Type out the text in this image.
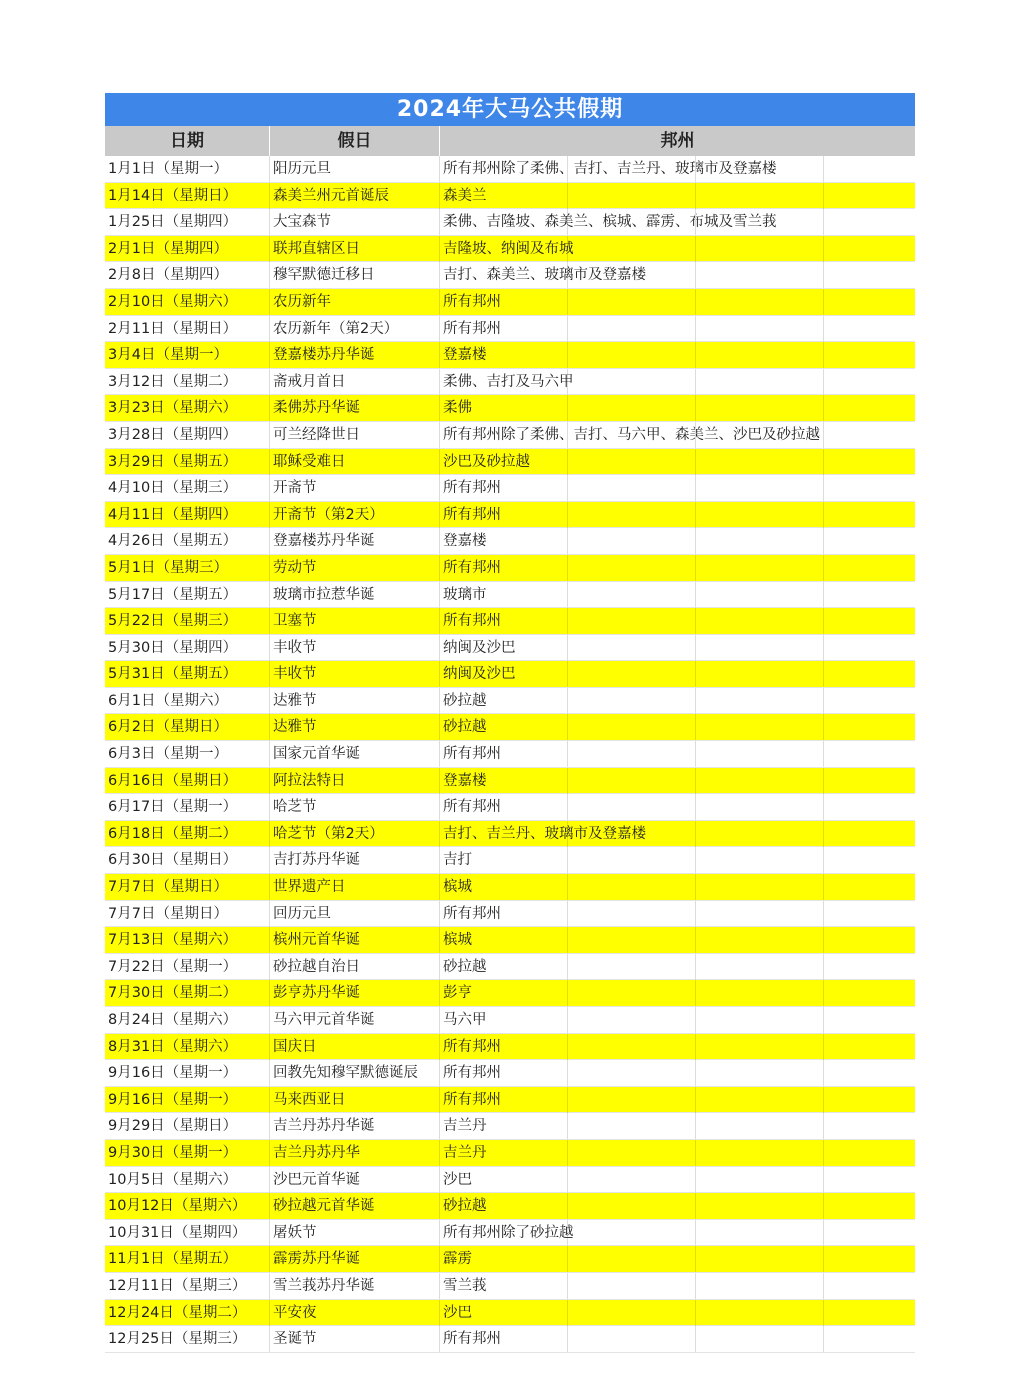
2024年大马公共假期
日期	假日	邦州
1月1日（星期一）	阳历元旦	所有邦州除了柔佛、吉打、吉兰丹、玻璃市及登嘉楼
1月14日（星期日）	森美兰州元首诞辰	森美兰
1月25日（星期四）	大宝森节	柔佛、吉隆坡、森美兰、槟城、霹雳、布城及雪兰莪
2月1日（星期四）	联邦直辖区日	吉隆坡、纳闽及布城
2月8日（星期四）	穆罕默德迁移日	吉打、森美兰、玻璃市及登嘉楼
2月10日（星期六）	农历新年	所有邦州
2月11日（星期日）	农历新年（第2天）	所有邦州
3月4日（星期一）	登嘉楼苏丹华诞	登嘉楼
3月12日（星期二）	斋戒月首日	柔佛、吉打及马六甲
3月23日（星期六）	柔佛苏丹华诞	柔佛
3月28日（星期四）	可兰经降世日	所有邦州除了柔佛、吉打、马六甲、森美兰、沙巴及砂拉越
3月29日（星期五）	耶稣受难日	沙巴及砂拉越
4月10日（星期三）	开斋节	所有邦州
4月11日（星期四）	开斋节（第2天）	所有邦州
4月26日（星期五）	登嘉楼苏丹华诞	登嘉楼
5月1日（星期三）	劳动节	所有邦州
5月17日（星期五）	玻璃市拉惹华诞	玻璃市
5月22日（星期三）	卫塞节	所有邦州
5月30日（星期四）	丰收节	纳闽及沙巴
5月31日（星期五）	丰收节	纳闽及沙巴
6月1日（星期六）	达雅节	砂拉越
6月2日（星期日）	达雅节	砂拉越
6月3日（星期一）	国家元首华诞	所有邦州
6月16日（星期日）	阿拉法特日	登嘉楼
6月17日（星期一）	哈芝节	所有邦州
6月18日（星期二）	哈芝节（第2天）	吉打、吉兰丹、玻璃市及登嘉楼
6月30日（星期日）	吉打苏丹华诞	吉打
7月7日（星期日）	世界遗产日	槟城
7月7日（星期日）	回历元旦	所有邦州
7月13日（星期六）	槟州元首华诞	槟城
7月22日（星期一）	砂拉越自治日	砂拉越
7月30日（星期二）	彭亨苏丹华诞	彭亨
8月24日（星期六）	马六甲元首华诞	马六甲
8月31日（星期六）	国庆日	所有邦州
9月16日（星期一）	回教先知穆罕默德诞辰	所有邦州
9月16日（星期一）	马来西亚日	所有邦州
9月29日（星期日）	吉兰丹苏丹华诞	吉兰丹
9月30日（星期一）	吉兰丹苏丹华	吉兰丹
10月5日（星期六）	沙巴元首华诞	沙巴
10月12日（星期六）	砂拉越元首华诞	砂拉越
10月31日（星期四）	屠妖节	所有邦州除了砂拉越
11月1日（星期五）	霹雳苏丹华诞	霹雳
12月11日（星期三）	雪兰莪苏丹华诞	雪兰莪
12月24日（星期二）	平安夜	沙巴
12月25日（星期三）	圣诞节	所有邦州
